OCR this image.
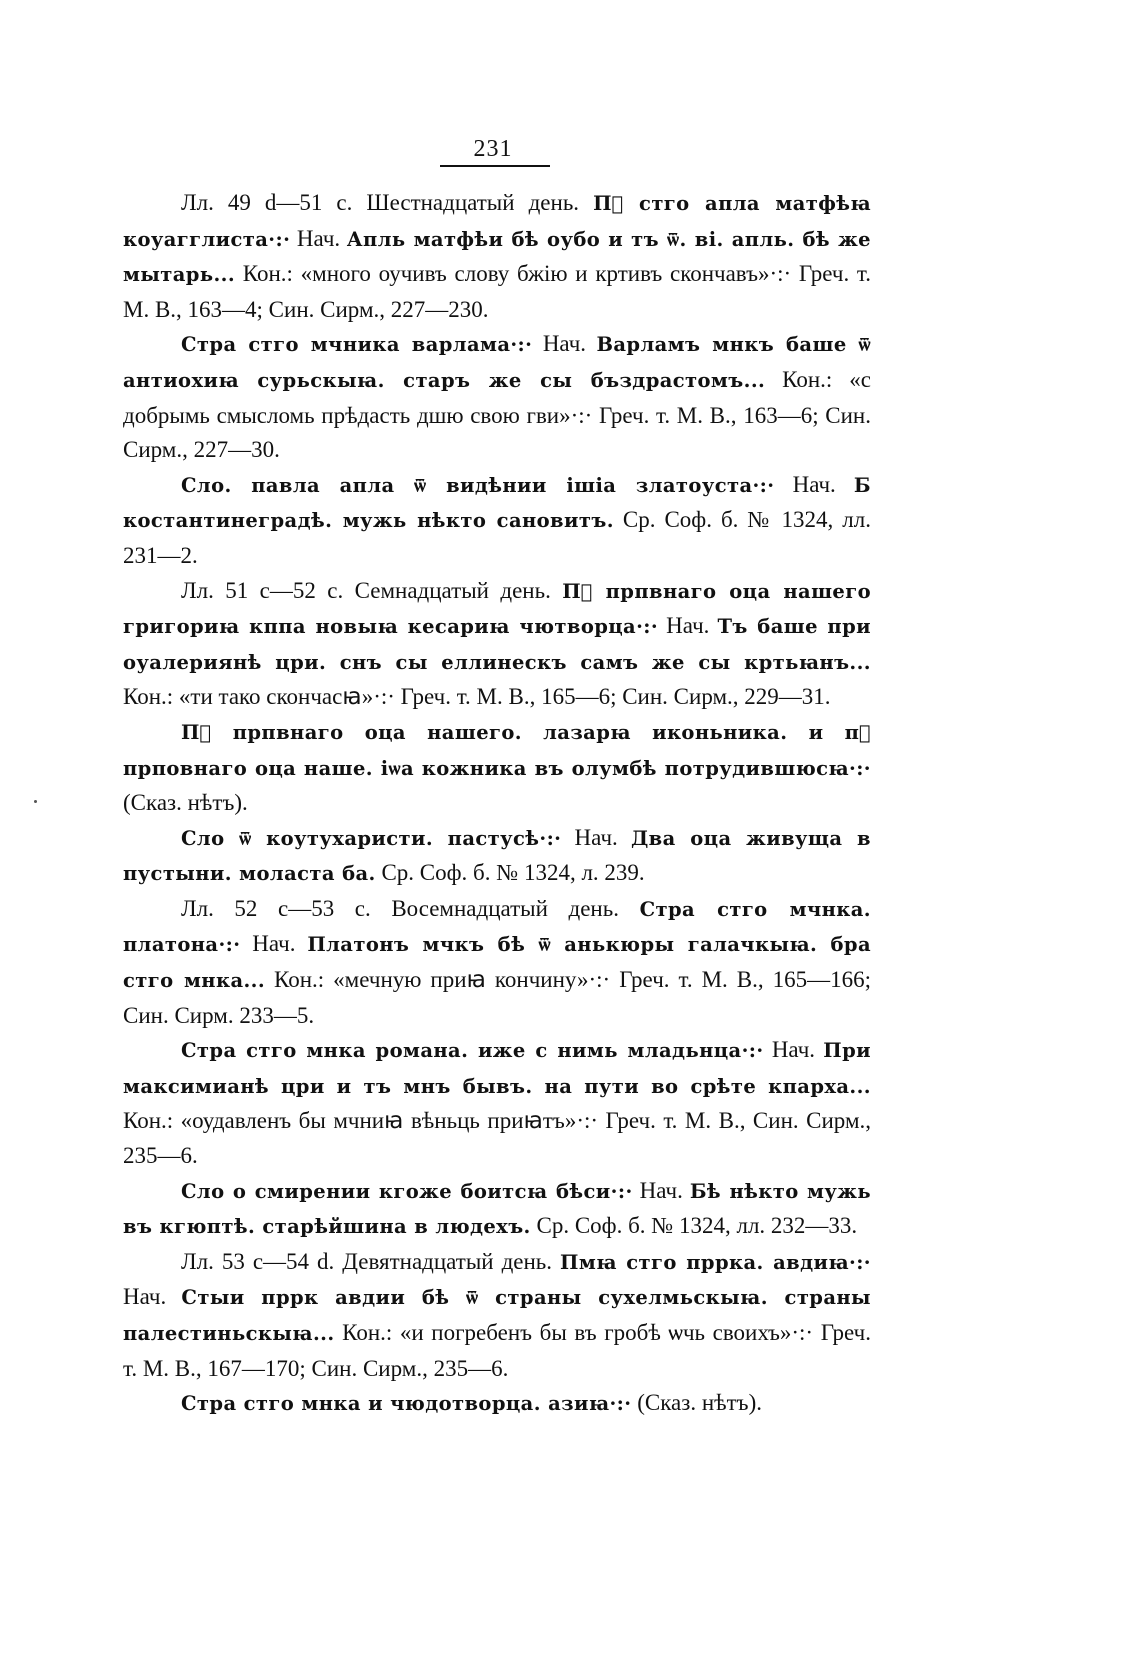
231

Лл. 49 d—51 с. Шестнадцатый день. Пⷶ стго апла матфѣꙗ коуагглиста·:· Нач. Апль матфѣи бѣ оубо и тъ ѿ. ві. апль. бѣ же мытарь... Кон.: «много оучивъ слову бжію и кртивъ скончавъ»·:· Греч. т. М. В., 163—4; Син. Сирм., 227—230.

Стра стго мчника варлама·:· Нач. Варламъ мнкъ баше ѿ антиохиꙗ сурьскыꙗ. старъ же сы бъздрастомъ... Кон.: «с добрымь смысломь прѣдасть дшю свою гви»·:· Греч. т. М. В., 163—6; Син. Сирм., 227—30.

Сло. павла апла ѿ видѣнии ішіа златоуста·:· Нач. Б костантинеградѣ. мужь нѣкто сановитъ. Ср. Соф. б. № 1324, лл. 231—2.

Лл. 51 с—52 с. Семнадцатый день. Пⷶ прпвнаго оца нашего григориꙗ кппа новыꙗ кесариꙗ чютворца·:· Нач. Тъ баше при оуалериянѣ цри. снъ сы еллинескъ самъ же сы кртьꙗнъ... Кон.: «ти тако скончасꙗ»·:· Греч. т. М. В., 165—6; Син. Сирм., 229—31.

Пⷶ прпвнаго оца нашего. лазарꙗ иконьника. и пⷶ прповнаго оца наше. іѡа кожника въ олумбѣ потрудившюсꙗ·:· (Сказ. нѣтъ).

Сло ѿ коутухаристи. пастусѣ·:· Нач. Два оца живуща в пустыни. моласта ба. Ср. Соф. б. № 1324, л. 239.

Лл. 52 с—53 с. Восемнадцатый день. Стра стго мчнка. платона·:· Нач. Платонъ мчкъ бѣ ѿ анькюры галачкыꙗ. бра стго мнка... Кон.: «мечную приꙗ кончину»·:· Греч. т. М. В., 165—166; Син. Сирм. 233—5.

Стра стго мнка романа. иже с нимь младьнца·:· Нач. При максимианѣ цри и тъ мнъ бывъ. на пути во срѣте кпарха... Кон.: «оудавленъ бы мчниꙗ вѣньць приꙗтъ»·:· Греч. т. М. В., Син. Сирм., 235—6.

Сло о смирении кгоже боитсꙗ бѣси·:· Нач. Бѣ нѣкто мужь въ кгюптѣ. старѣйшина в людехъ. Ср. Соф. б. № 1324, лл. 232—33.

Лл. 53 с—54 d. Девятнадцатый день. Пмꙗ стго пррка. авдиꙗ·:· Нач. Стыи пррк авдии бѣ ѿ страны сухелмьскыꙗ. страны палестиньскыꙗ... Кон.: «и погребенъ бы въ гробѣ ѡчь своихъ»·:· Греч. т. М. В., 167—170; Син. Сирм., 235—6.

Стра стго мнка и чюдотворца. азиꙗ·:· (Сказ. нѣтъ).
